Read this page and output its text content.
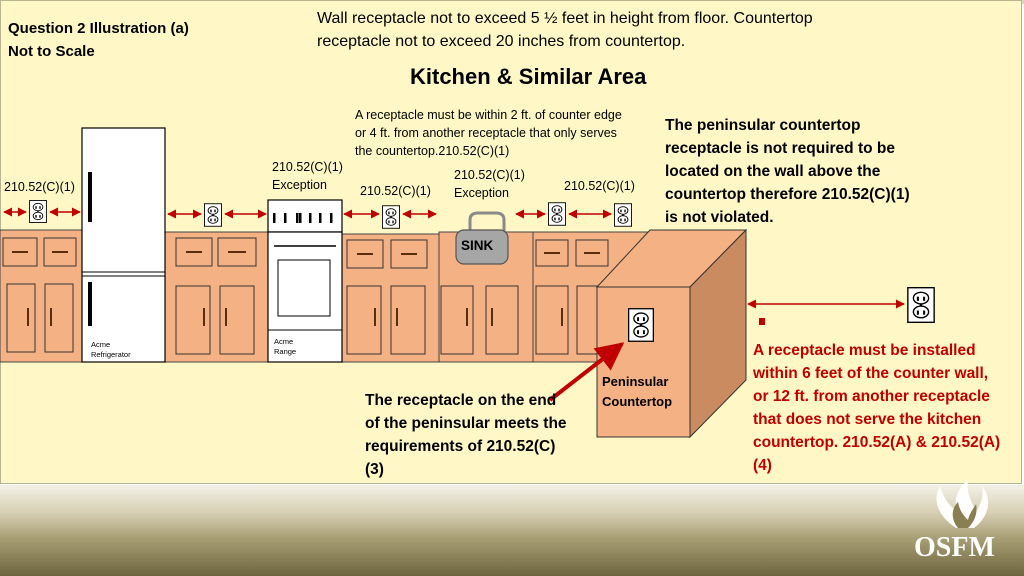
Question 2 Illustration (a)
Not to Scale
Wall receptacle not to exceed 5 ½ feet in height from floor. Countertop receptacle not to exceed 20 inches from countertop.
Kitchen & Similar Area
A receptacle must be within 2 ft. of counter edge or 4 ft. from another receptacle that only serves the countertop.210.52(C)(1)
210.52(C)(1)
210.52(C)(1)
Exception	210.52(C)(1)
210.52(C)(1)
Exception	210.52(C)(1)
Acme
Refrigerator
Acme
Range
SINK
Peninsular
Countertop
The peninsular countertop receptacle is not required to be located on the wall above the countertop therefore 210.52(C)(1) is not violated.
The receptacle on the end of the peninsular meets the requirements of 210.52(C)(3)
A receptacle must be installed within 6 feet of the counter wall, or 12 ft. from another receptacle that does not serve the kitchen countertop. 210.52(A) & 210.52(A)(4)
OSFM
